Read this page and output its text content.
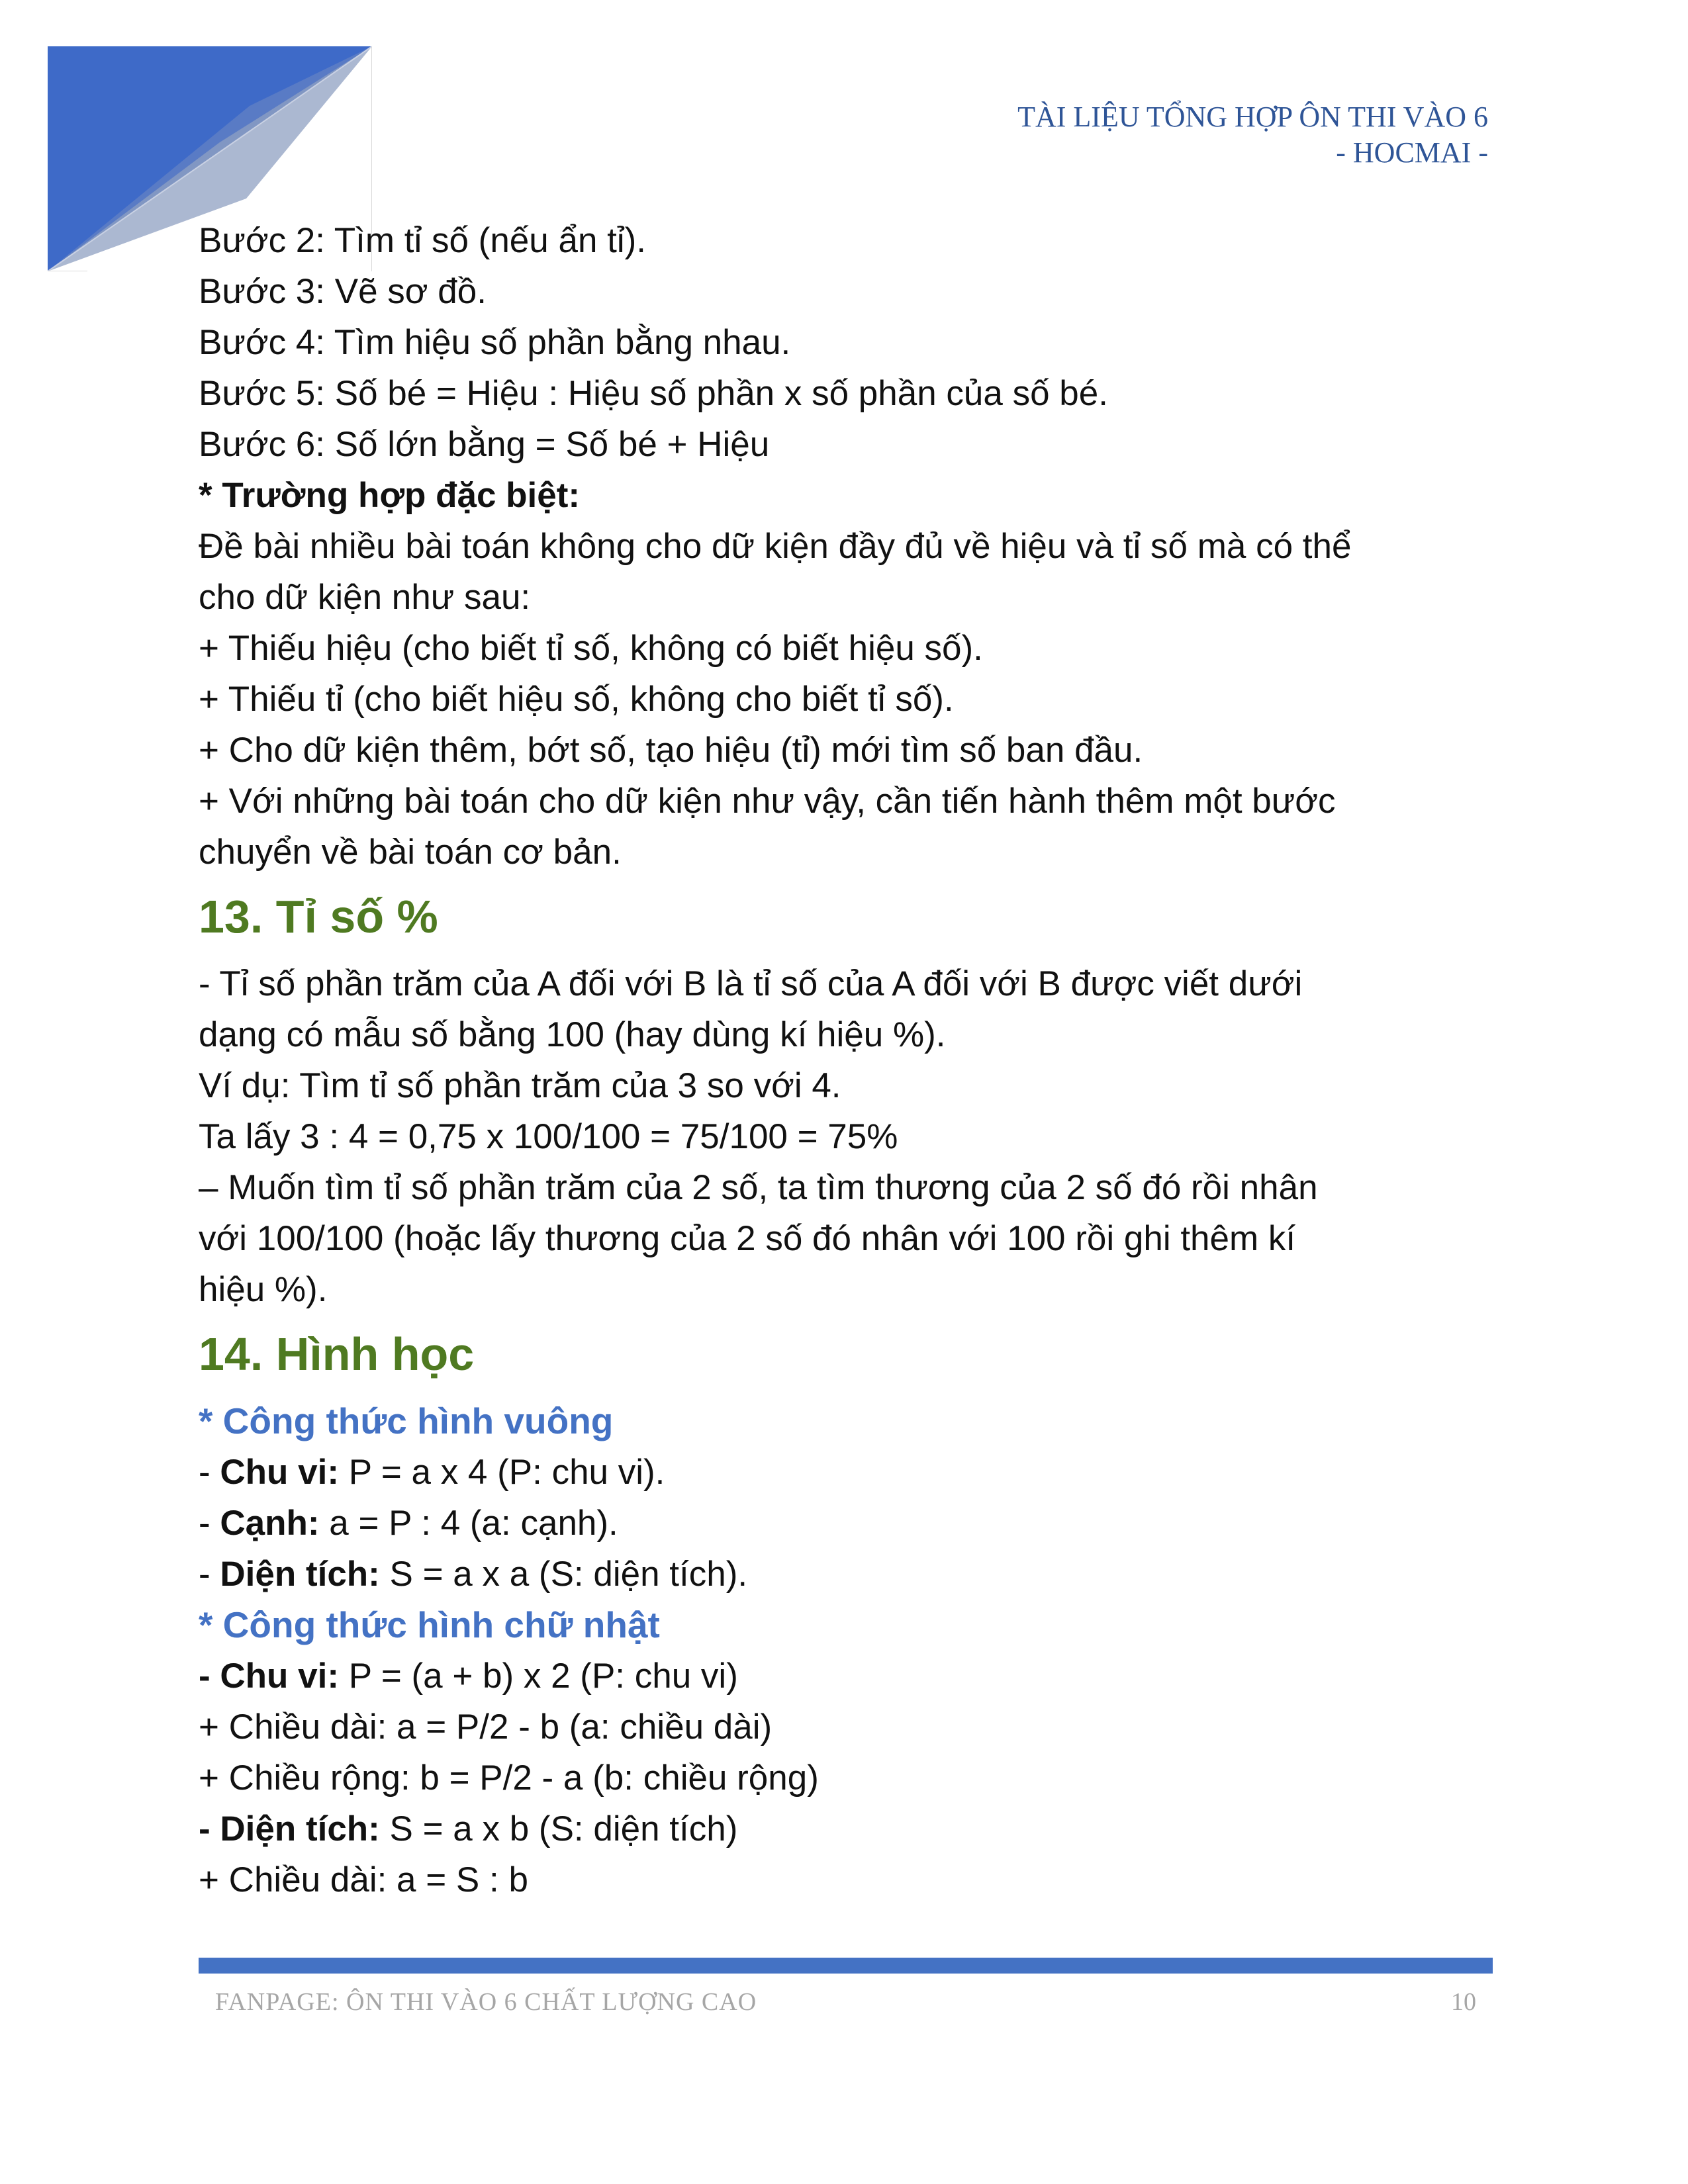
TÀI LIỆU TỔNG HỢP ÔN THI VÀO 6
- HOCMAI -
Bước 2: Tìm tỉ số (nếu ẩn tỉ).
Bước 3: Vẽ sơ đồ.
Bước 4: Tìm hiệu số phần bằng nhau.
Bước 5: Số bé = Hiệu : Hiệu số phần x số phần của số bé.
Bước 6: Số lớn bằng = Số bé + Hiệu
* Trường hợp đặc biệt:
Đề bài nhiều bài toán không cho dữ kiện đầy đủ về hiệu và tỉ số mà có thể
cho dữ kiện như sau:
+ Thiếu hiệu (cho biết tỉ số, không có biết hiệu số).
+ Thiếu tỉ (cho biết hiệu số, không cho biết tỉ số).
+ Cho dữ kiện thêm, bớt số, tạo hiệu (tỉ) mới tìm số ban đầu.
+ Với những bài toán cho dữ kiện như vậy, cần tiến hành thêm một bước
chuyển về bài toán cơ bản.
13. Tỉ số %
- Tỉ số phần trăm của A đối với B là tỉ số của A đối với B được viết dưới
dạng có mẫu số bằng 100 (hay dùng kí hiệu %).
Ví dụ: Tìm tỉ số phần trăm của 3 so với 4.
Ta lấy 3 : 4 = 0,75 x 100/100 = 75/100 = 75%
– Muốn tìm tỉ số phần trăm của 2 số, ta tìm thương của 2 số đó rồi nhân
với 100/100 (hoặc lấy thương của 2 số đó nhân với 100 rồi ghi thêm kí
hiệu %).
14. Hình học
* Công thức hình vuông
- Chu vi: P = a x 4 (P: chu vi).
- Cạnh: a = P : 4 (a: cạnh).
- Diện tích: S = a x a (S: diện tích).
* Công thức hình chữ nhật
- Chu vi: P = (a + b) x 2 (P: chu vi)
+ Chiều dài: a = P/2 - b (a: chiều dài)
+ Chiều rộng: b = P/2 - a (b: chiều rộng)
- Diện tích: S = a x b (S: diện tích)
+ Chiều dài: a = S : b
FANPAGE: ÔN THI VÀO 6 CHẤT LƯỢNG CAO	10
